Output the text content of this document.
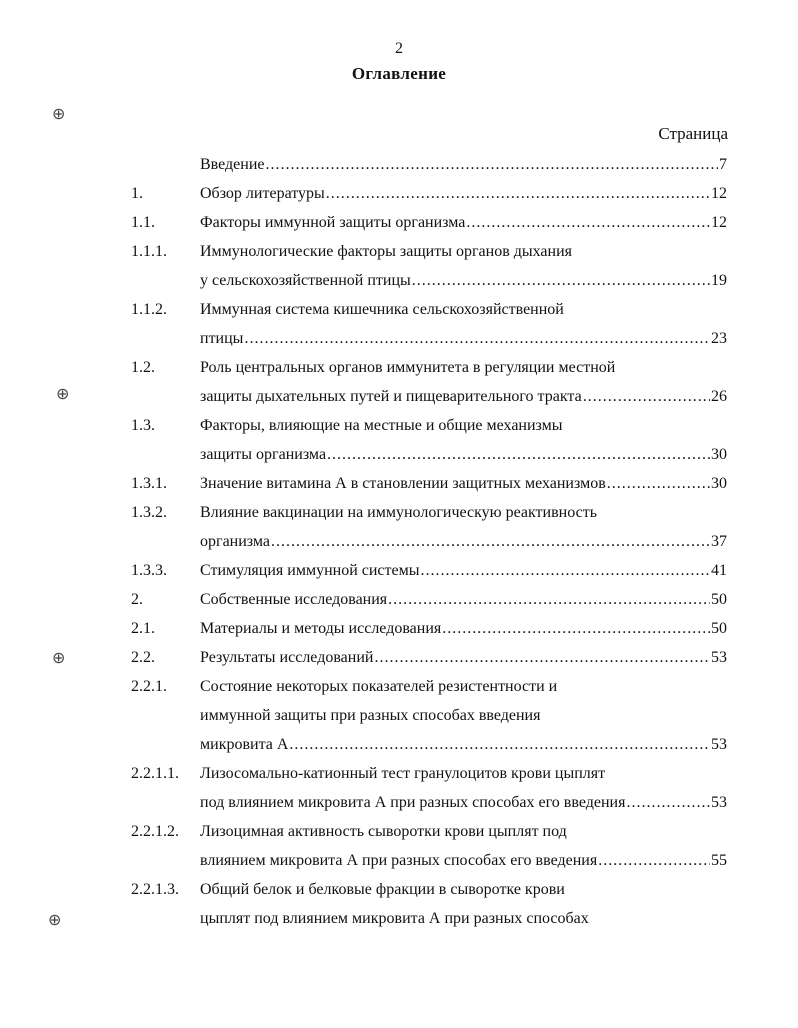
2
Оглавление
Страница
⊕
⊕
⊕
⊕
Введение .....	7
1.	Обзор литературы .....	12
1.1.	Факторы иммунной защиты организма .....	12
1.1.1. Иммунологические факторы защиты органов дыхания
у сельскохозяйственной птицы .....	19
1.1.2. Иммунная система кишечника сельскохозяйственной
птицы .....	23
1.2.	Роль центральных органов иммунитета в регуляции местной
защиты дыхательных путей и пищеварительного тракта .....	26
1.3.	Факторы, влияющие на местные и общие механизмы
защиты организма .....	30
1.3.1. Значение витамина А в становлении защитных механизмов .....	30
1.3.2. Влияние вакцинации на иммунологическую реактивность
организма .....	37
1.3.3. Стимуляция иммунной системы .....	41
2.	Собственные исследования .....	50
2.1.	Материалы и методы исследования .....	50
2.2.	Результаты исследований .....	53
2.2.1. Состояние некоторых показателей резистентности и
иммунной защиты при разных способах введения
микровита А .....	53
2.2.1.1. Лизосомально-катионный тест гранулоцитов крови цыплят
под влиянием микровита А при разных способах его введения .....	53
2.2.1.2. Лизоцимная активность сыворотки крови цыплят под
влиянием микровита А при разных способах его введения .....	55
2.2.1.3. Общий белок и белковые фракции в сыворотке крови
цыплят под влиянием микровита А при разных способах
